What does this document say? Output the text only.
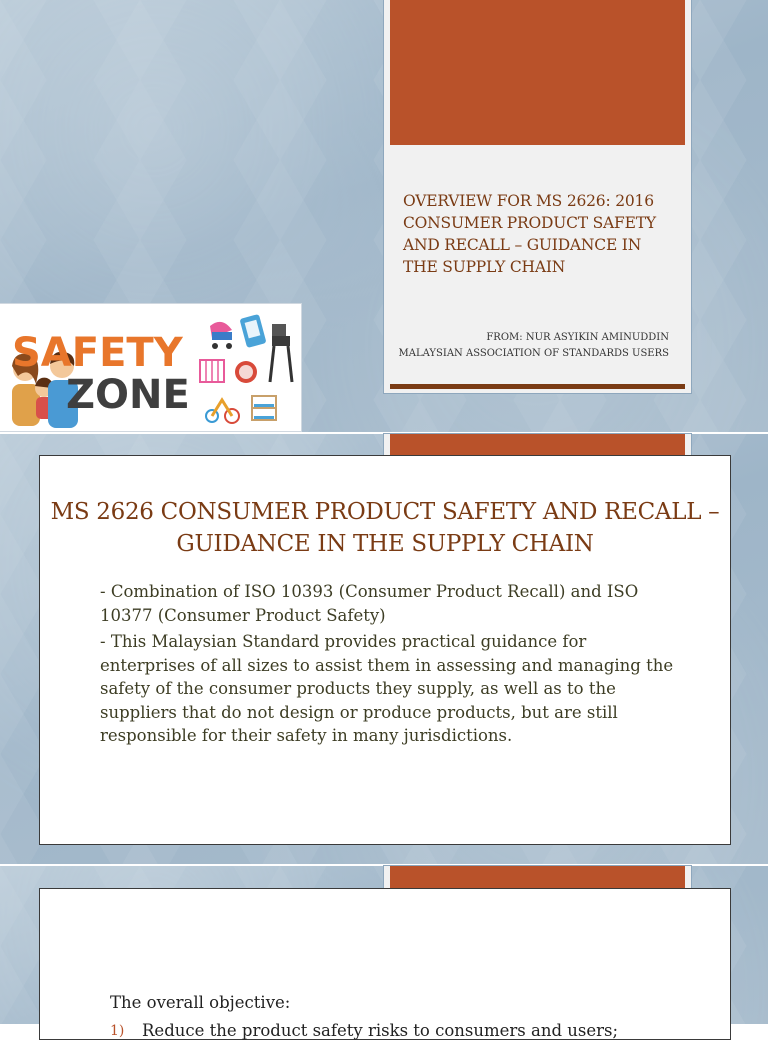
OVERVIEW FOR MS 2626: 2016 CONSUMER PRODUCT SAFETY AND RECALL – GUIDANCE IN THE SUPPLY CHAIN
FROM: NUR ASYIKIN AMINUDDIN
MALAYSIAN ASSOCIATION OF STANDARDS USERS
SAFETY
ZONE
MS 2626 CONSUMER PRODUCT SAFETY AND RECALL – GUIDANCE IN THE SUPPLY CHAIN

- Combination of ISO 10393 (Consumer Product Recall) and ISO 10377 (Consumer Product Safety)

- This Malaysian Standard provides practical guidance for enterprises of all sizes to assist them in assessing and managing the safety of the consumer products they supply, as well as to the suppliers that do not design or produce products, but are still responsible for their safety in many jurisdictions.

The overall objective:
1)	Reduce the product safety risks to consumers and users;
